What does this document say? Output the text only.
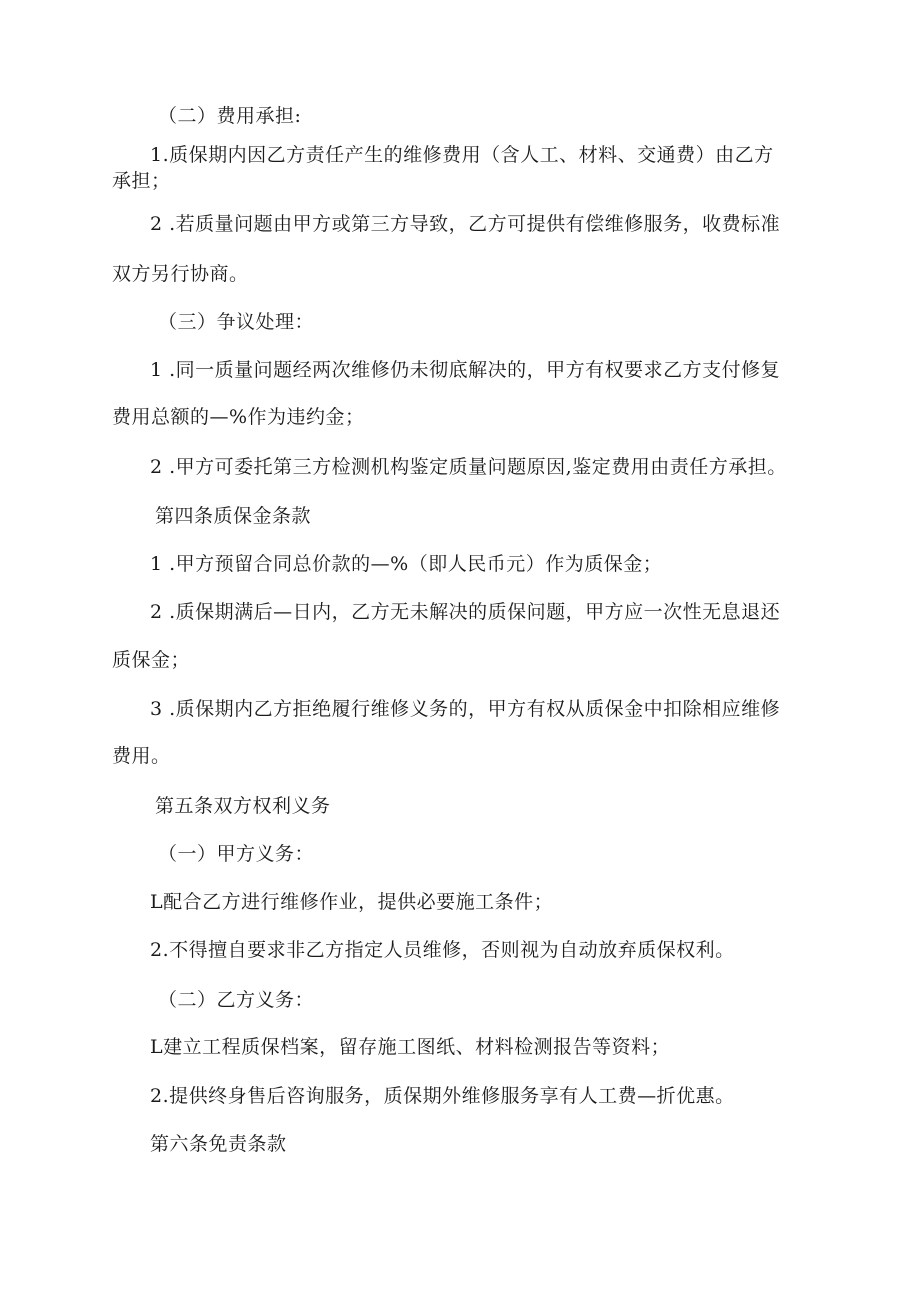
（二）费用承担:
1.质保期内因乙方责任产生的维修费用（含人工、材料、交通费）由乙方
承担；
2 .若质量问题由甲方或第三方导致，乙方可提供有偿维修服务，收费标准
双方另行协商。
（三）争议处理：
1 .同一质量问题经两次维修仍未彻底解决的，甲方有权要求乙方支付修复
费用总额的—%作为违约金；
2 .甲方可委托第三方检测机构鉴定质量问题原因,鉴定费用由责任方承担。
第四条质保金条款
1 .甲方预留合同总价款的—%（即人民币元）作为质保金；
2 .质保期满后—日内，乙方无未解决的质保问题，甲方应一次性无息退还
质保金；
3 .质保期内乙方拒绝履行维修义务的，甲方有权从质保金中扣除相应维修
费用。
第五条双方权利义务
（一）甲方义务：
L配合乙方进行维修作业，提供必要施工条件；
2.不得擅自要求非乙方指定人员维修，否则视为自动放弃质保权利。
（二）乙方义务：
L建立工程质保档案，留存施工图纸、材料检测报告等资料；
2.提供终身售后咨询服务，质保期外维修服务享有人工费—折优惠。
第六条免责条款
